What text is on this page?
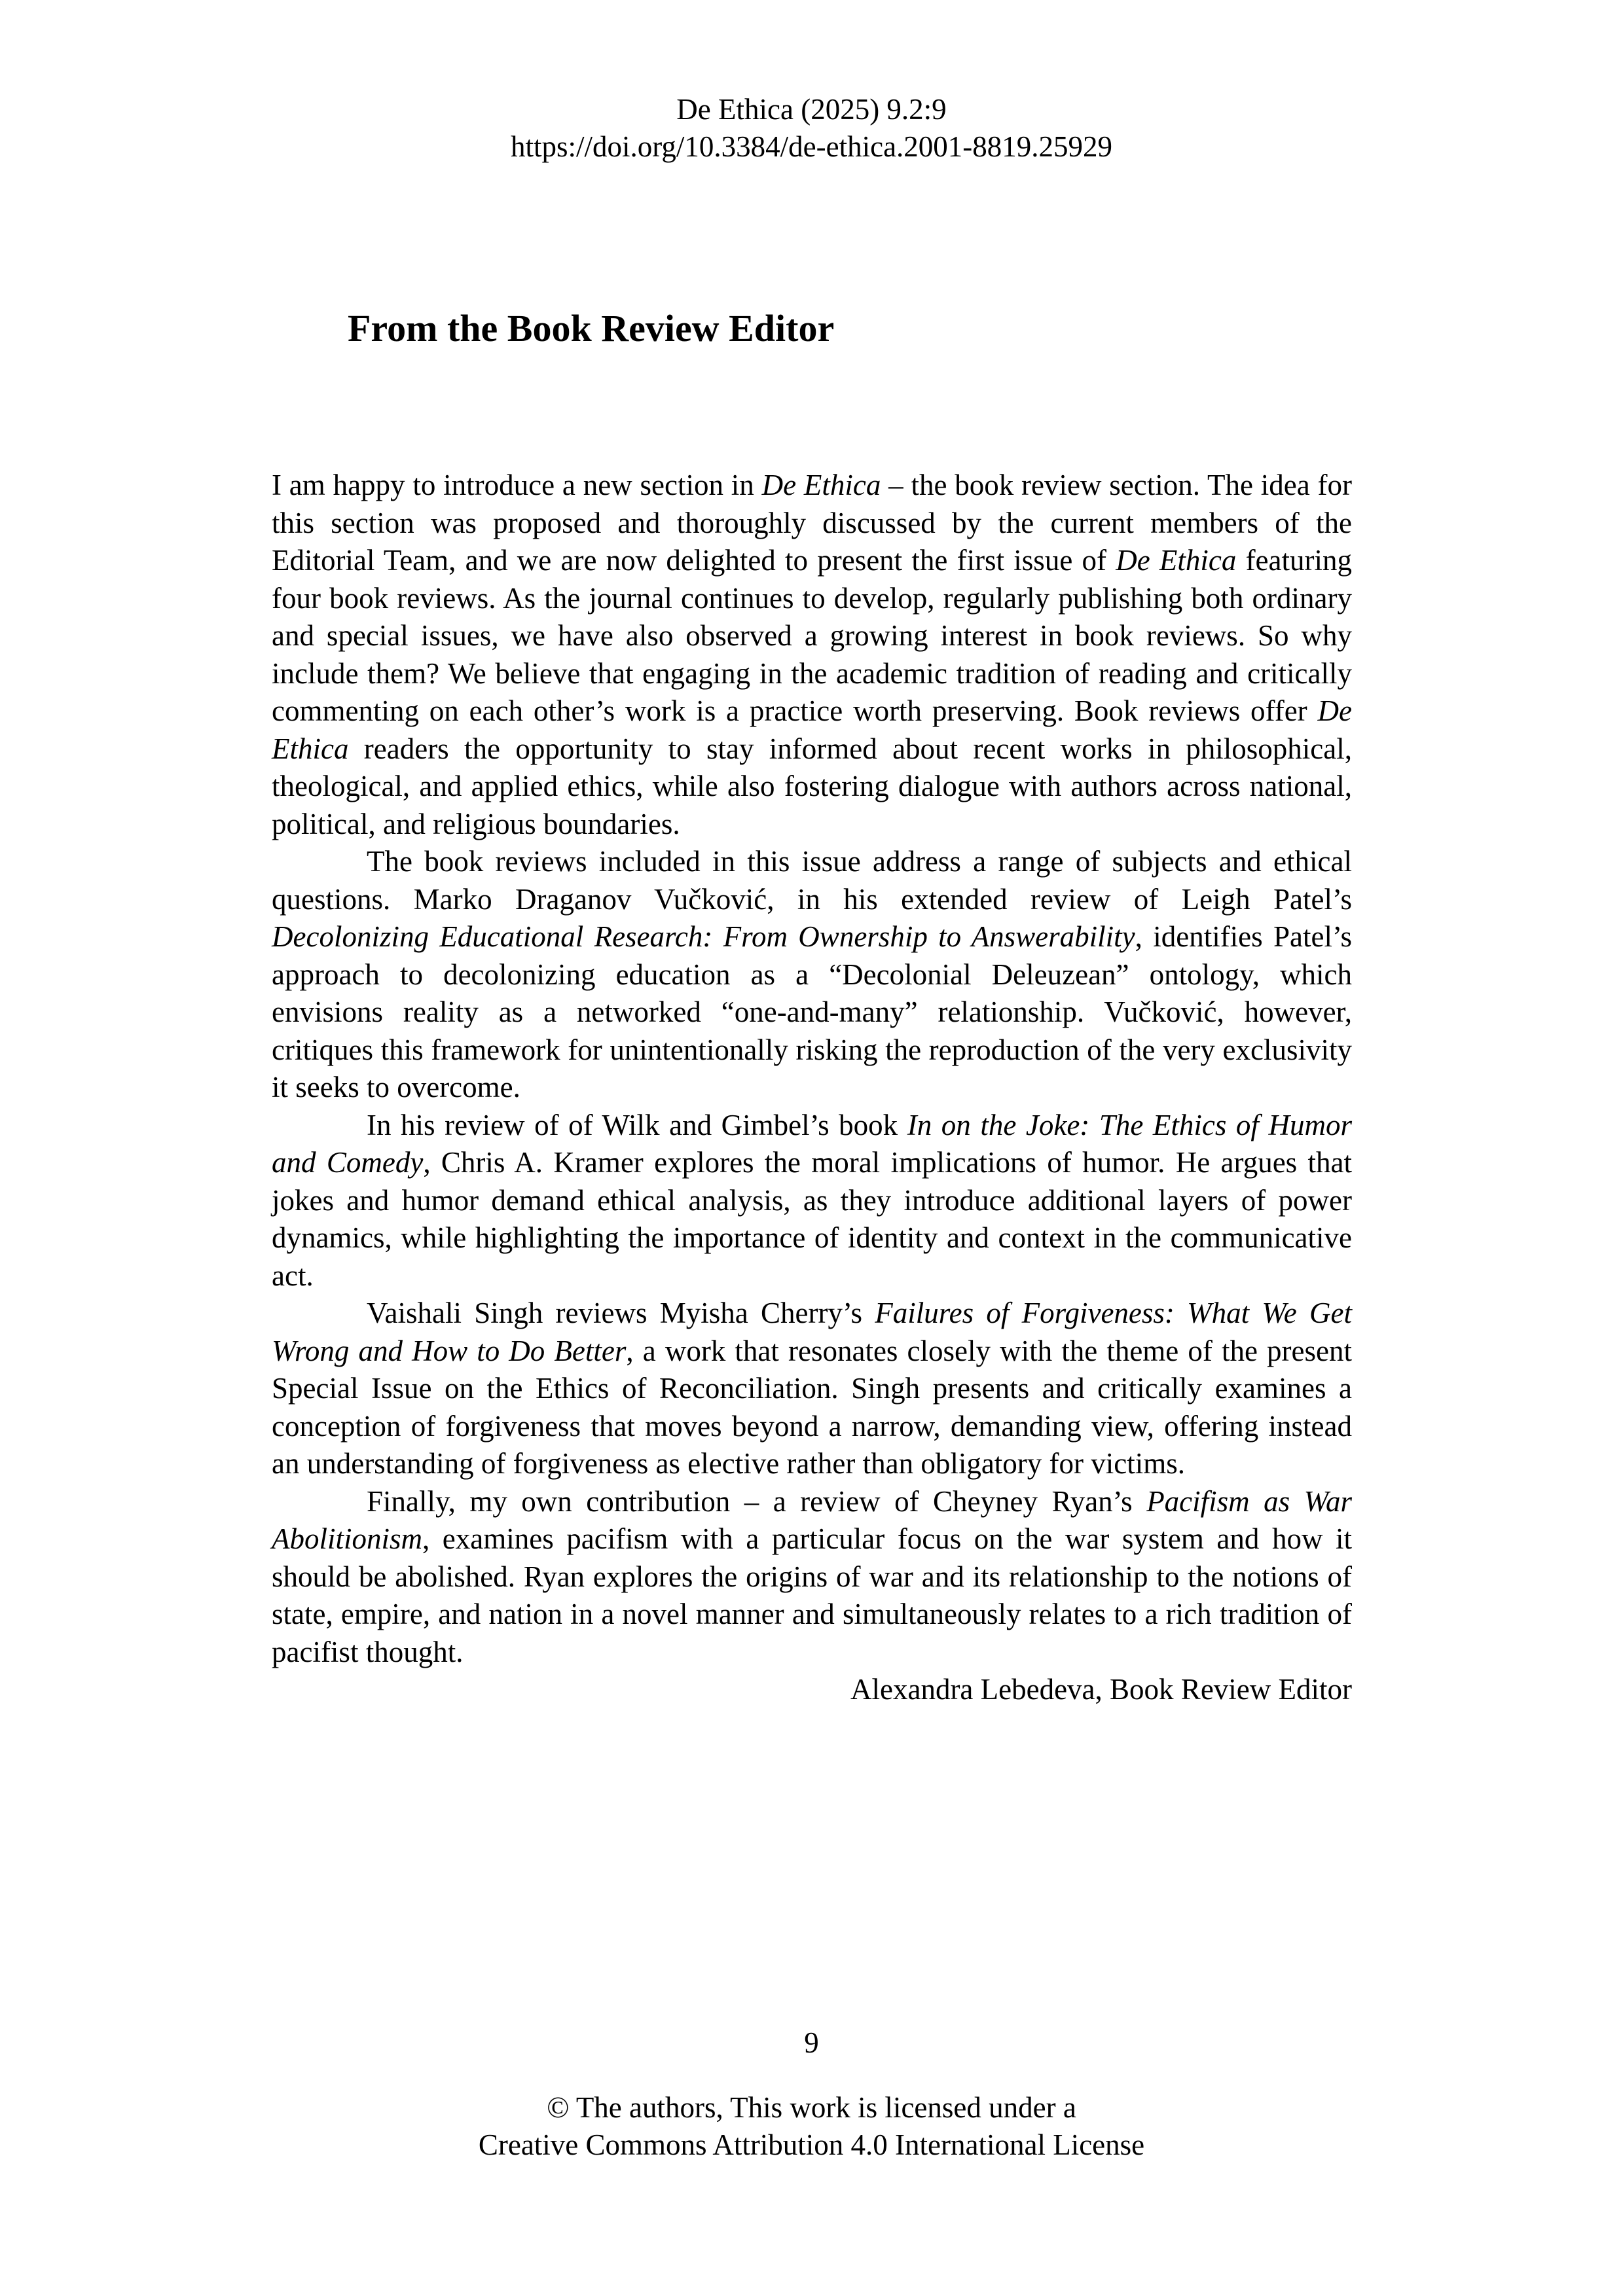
De Ethica (2025) 9.2:9
https://doi.org/10.3384/de-ethica.2001-8819.25929
From the Book Review Editor

I am happy to introduce a new section in De Ethica – the book review section. The idea for this section was proposed and thoroughly discussed by the current members of the Editorial Team, and we are now delighted to present the first issue of De Ethica featuring four book reviews. As the journal continues to develop, regularly publishing both ordinary and special issues, we have also observed a growing interest in book reviews. So why include them? We believe that engaging in the academic tradition of reading and critically commenting on each other’s work is a practice worth preserving. Book reviews offer De Ethica readers the opportunity to stay informed about recent works in philosophical, theological, and applied ethics, while also fostering dialogue with authors across national, political, and religious boundaries.

The book reviews included in this issue address a range of subjects and ethical questions. Marko Draganov Vučković, in his extended review of Leigh Patel’s Decolonizing Educational Research: From Ownership to Answerability, identifies Patel’s approach to decolonizing education as a “Decolonial Deleuzean” ontology, which envisions reality as a networked “one-and-many” relationship. Vučković, however, critiques this framework for unintentionally risking the reproduction of the very exclusivity it seeks to overcome.

In his review of of Wilk and Gimbel’s book In on the Joke: The Ethics of Humor and Comedy, Chris A. Kramer explores the moral implications of humor. He argues that jokes and humor demand ethical analysis, as they introduce additional layers of power dynamics, while highlighting the importance of identity and context in the communicative act.

Vaishali Singh reviews Myisha Cherry’s Failures of Forgiveness: What We Get Wrong and How to Do Better, a work that resonates closely with the theme of the present Special Issue on the Ethics of Reconciliation. Singh presents and critically examines a conception of forgiveness that moves beyond a narrow, demanding view, offering instead an understanding of forgiveness as elective rather than obligatory for victims.

Finally, my own contribution – a review of Cheyney Ryan’s Pacifism as War Abolitionism, examines pacifism with a particular focus on the war system and how it should be abolished. Ryan explores the origins of war and its relationship to the notions of state, empire, and nation in a novel manner and simultaneously relates to a rich tradition of pacifist thought.

Alexandra Lebedeva, Book Review Editor

9
© The authors, This work is licensed under a
Creative Commons Attribution 4.0 International License
